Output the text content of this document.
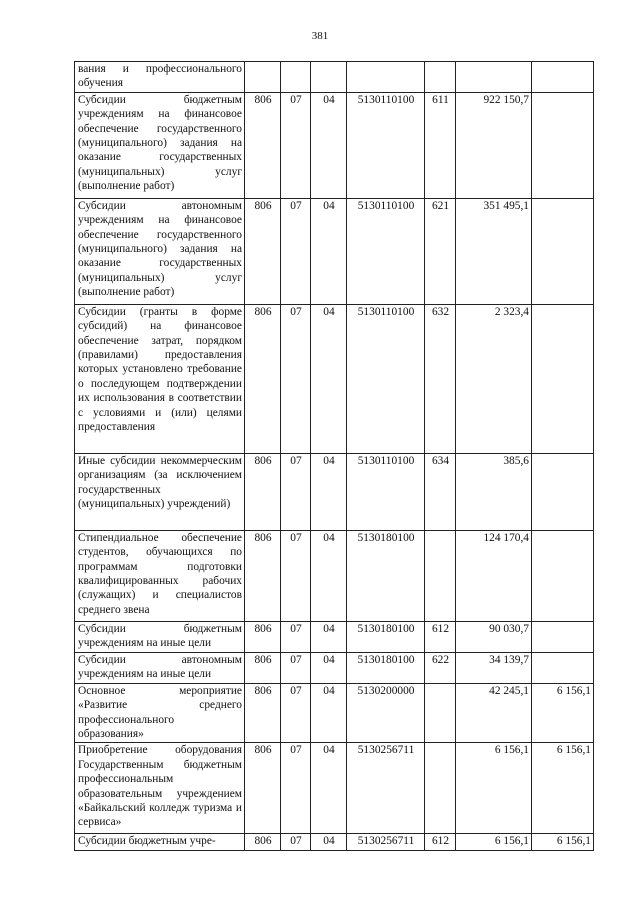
381
вания и профессионального обучения							
Субсидии бюджетным учреждениям на финансовое обеспечение государственного (муниципального) задания на оказание государственных (муниципальных) услуг (выполнение работ)	806	07	04	5130110100	611	922 150,7	
Субсидии автономным учреждениям на финансовое обеспечение государственного (муниципального) задания на оказание государственных (муниципальных) услуг (выполнение работ)	806	07	04	5130110100	621	351 495,1	
Субсидии (гранты в форме субсидий) на финансовое обеспечение затрат, порядком (правилами) предоставления которых установлено требование о последующем подтверждении их использования в соответствии с условиями и (или) целями предоставления	806	07	04	5130110100	632	2 323,4	
Иные субсидии некоммерческим организациям (за исключением государственных (муниципальных) учреждений)	806	07	04	5130110100	634	385,6	
Стипендиальное обеспечение студентов, обучающихся по программам подготовки квалифицированных рабочих (служащих) и специалистов среднего звена	806	07	04	5130180100		124 170,4	
Субсидии бюджетным учреждениям на иные цели	806	07	04	5130180100	612	90 030,7	
Субсидии автономным учреждениям на иные цели	806	07	04	5130180100	622	34 139,7	
Основное мероприятие «Развитие среднего профессионального образования»	806	07	04	5130200000		42 245,1	6 156,1
Приобретение оборудования Государственным бюджетным профессиональным образовательным учреждением «Байкальский колледж туризма и сервиса»	806	07	04	5130256711		6 156,1	6 156,1
Субсидии бюджетным учре-	806	07	04	5130256711	612	6 156,1	6 156,1
